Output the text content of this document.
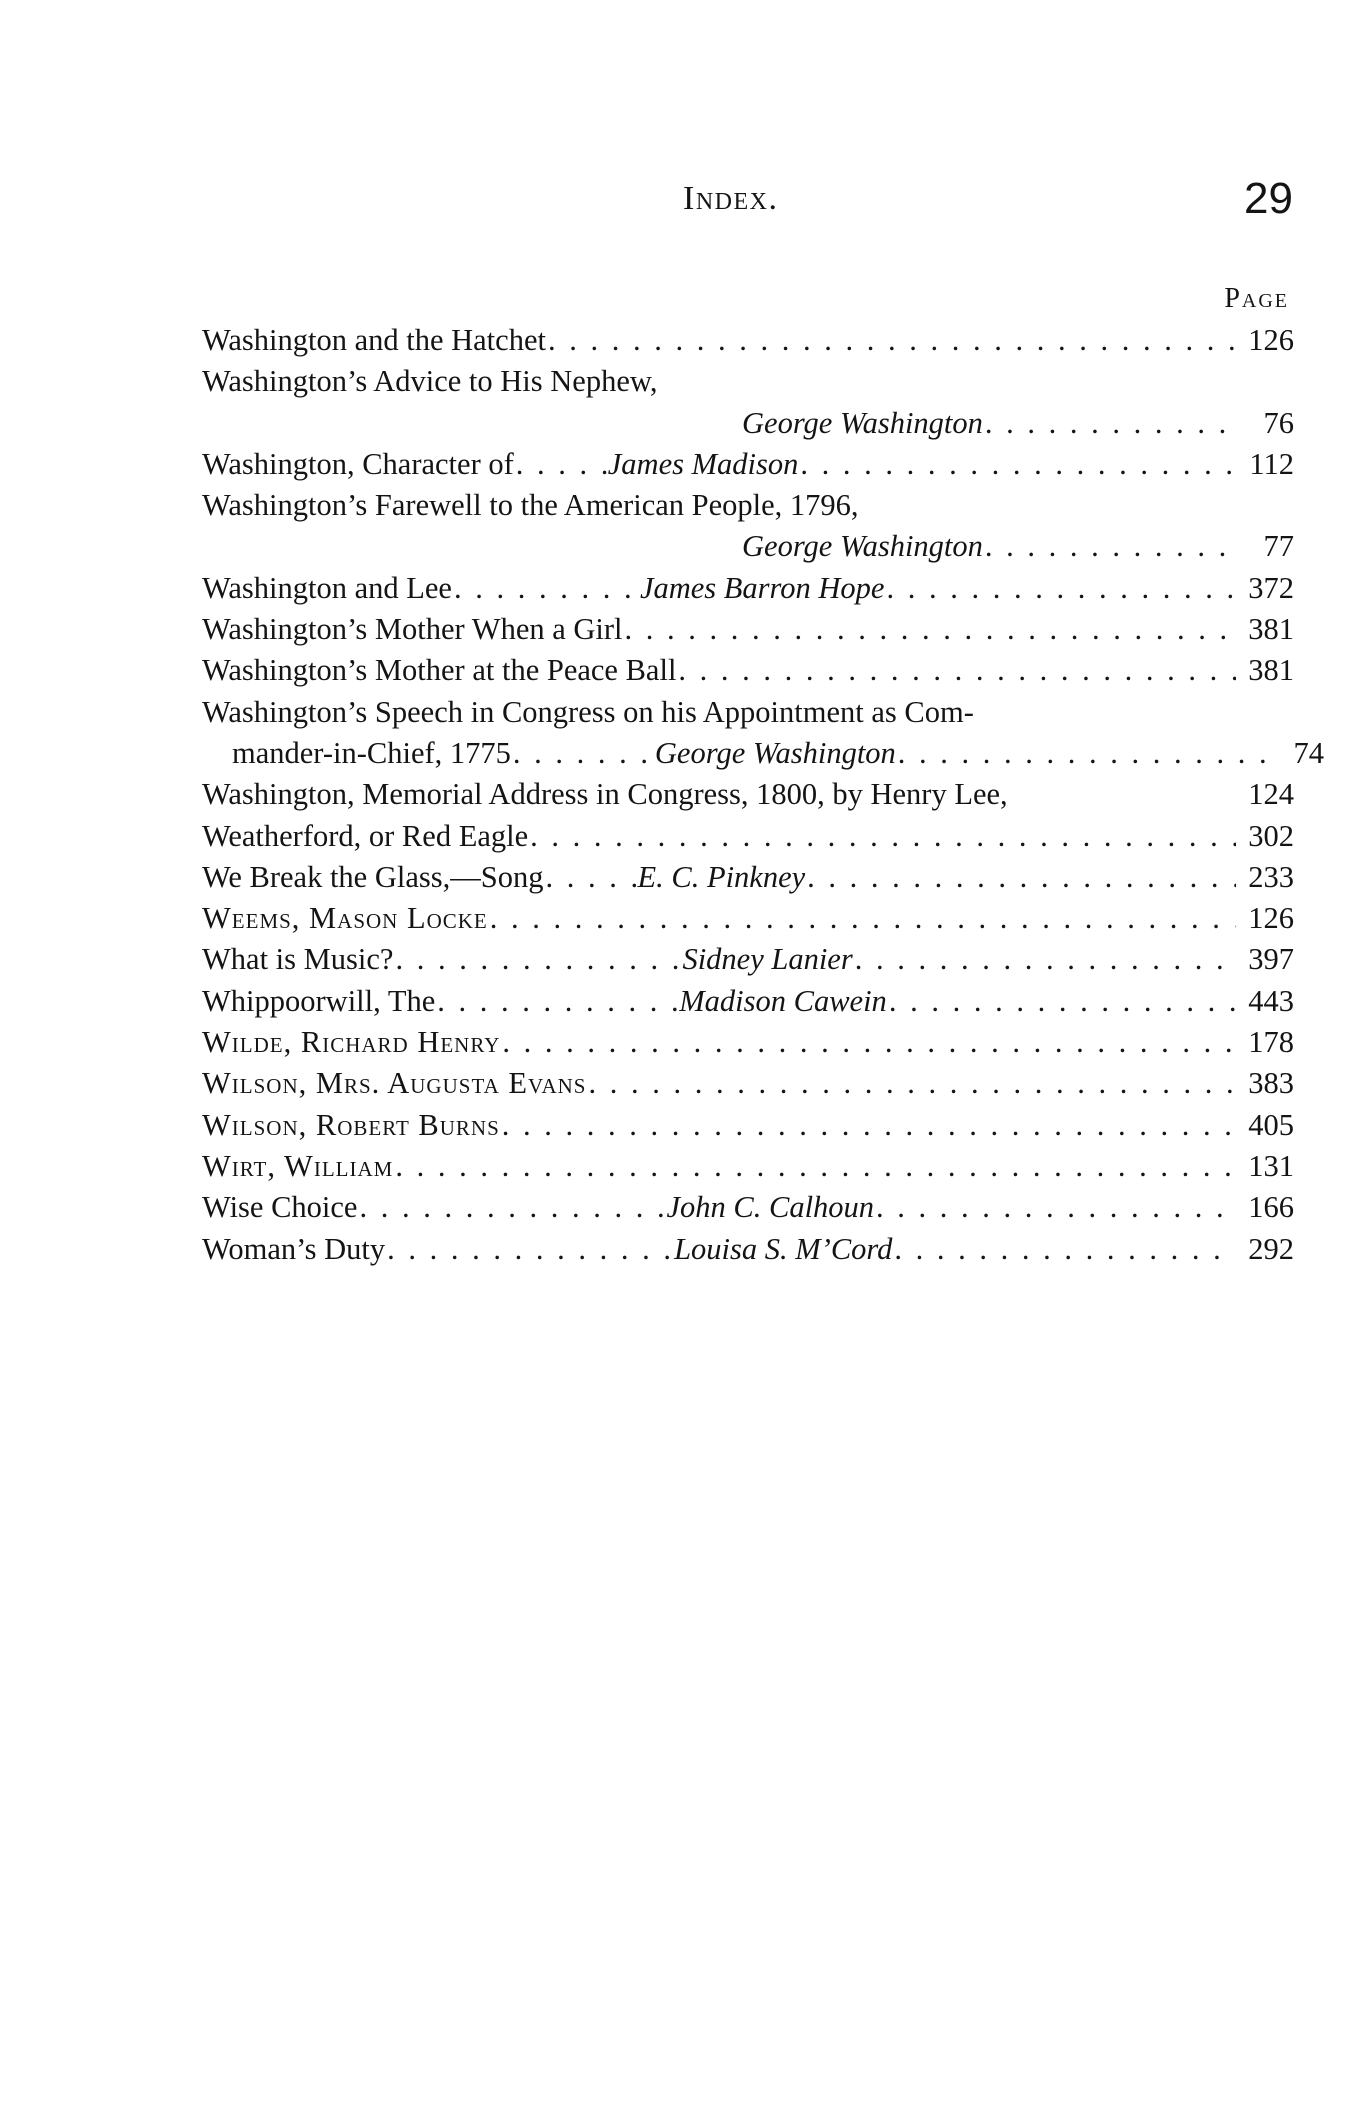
Index.	29
Page
Washington and the Hatchet . . .	126
Washington’s Advice to His Nephew,
George Washington . . .	76
Washington, Character of . . .	James Madison . . .	112
Washington’s Farewell to the American People, 1796,
George Washington . . .	77
Washington and Lee . . .	James Barron Hope . . .	372
Washington’s Mother When a Girl . . .	381
Washington’s Mother at the Peace Ball . . .	381
Washington’s Speech in Congress on his Appointment as Com-
mander-in-Chief, 1775 . . .	George Washington . . .	74
Washington, Memorial Address in Congress, 1800, by Henry Lee,	124
Weatherford, or Red Eagle . . .	302
We Break the Glass,—Song . . .	E. C. Pinkney . . .	233
Weems, Mason Locke . . .	126
What is Music? . . .	Sidney Lanier . . .	397
Whippoorwill, The . . .	Madison Cawein . . .	443
Wilde, Richard Henry . . .	178
Wilson, Mrs. Augusta Evans . . .	383
Wilson, Robert Burns . . .	405
Wirt, William . . .	131
Wise Choice . . .	John C. Calhoun . . .	166
Woman’s Duty . . .	Louisa S. M’Cord . . .	292
